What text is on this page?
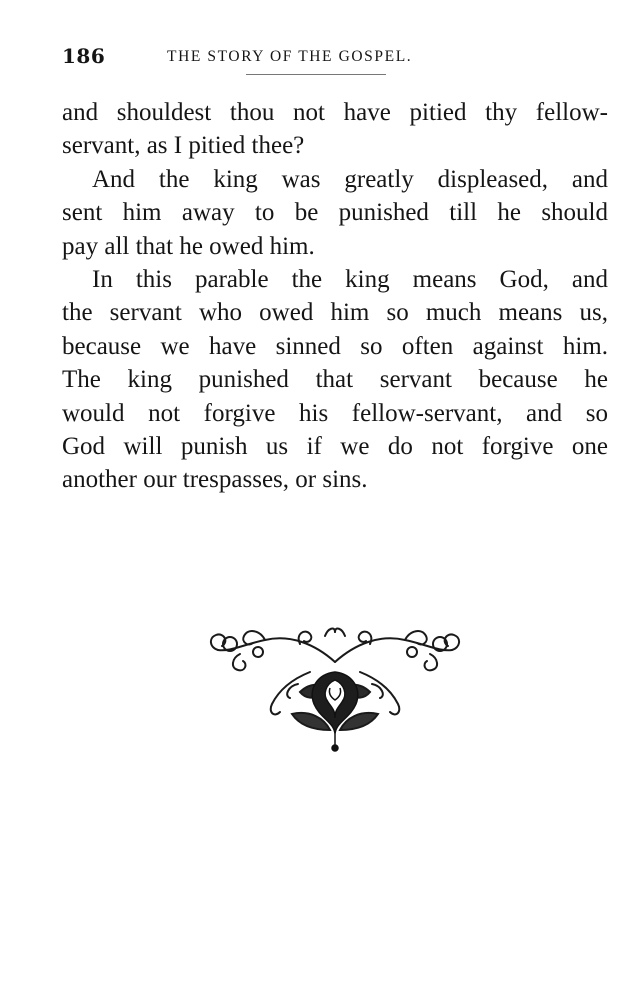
186	THE STORY OF THE GOSPEL.
and shouldest thou not have pitied thy fellow-
servant, as I pitied thee?
And the king was greatly displeased, and
sent him away to be punished till he should
pay all that he owed him.
In this parable the king means God, and
the servant who owed him so much means us,
because we have sinned so often against him.
The king punished that servant because he
would not forgive his fellow-servant, and so
God will punish us if we do not forgive one
another our trespasses, or sins.
